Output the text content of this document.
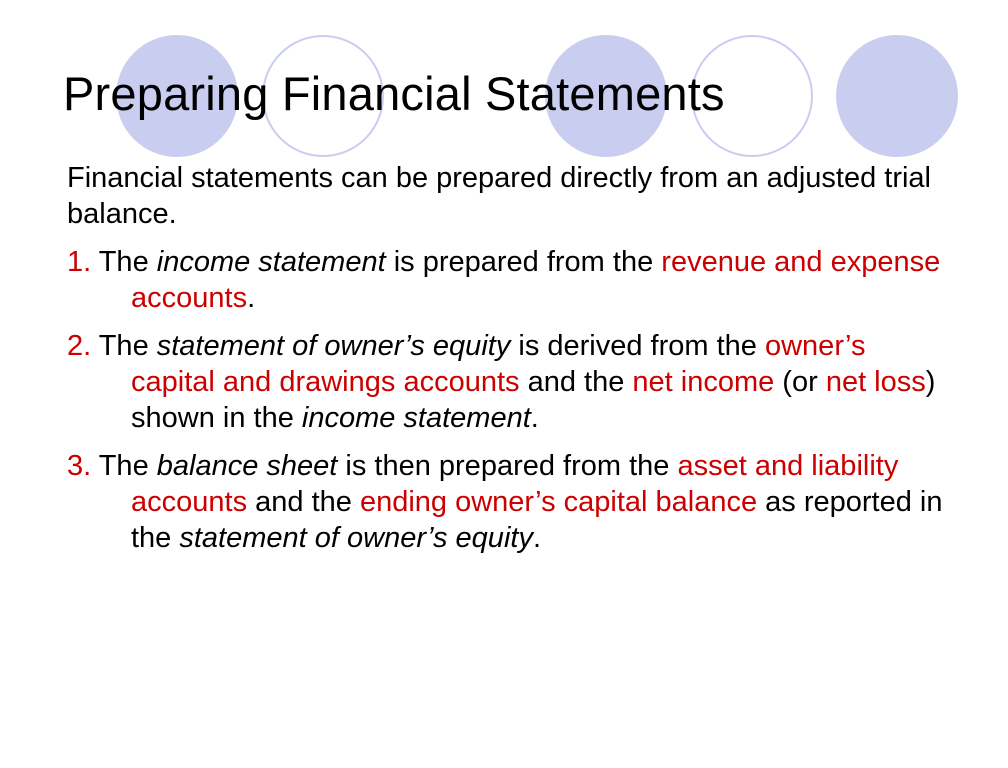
Preparing Financial Statements

Financial statements can be prepared directly from an adjusted trial balance.

1. The income statement is prepared from the revenue and expense accounts.

2. The statement of owner’s equity is derived from the owner’s capital and drawings accounts and the net income (or net loss) shown in the income statement.

3. The balance sheet is then prepared from the asset and liability accounts and the ending owner’s capital balance as reported in the statement of owner’s equity.
